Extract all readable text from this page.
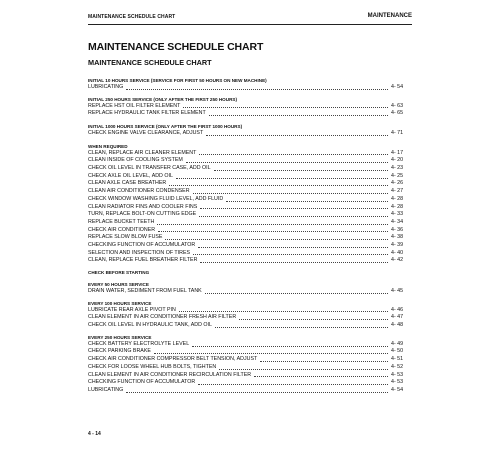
MAINTENANCE SCHEDULE CHART	MAINTENANCE
MAINTENANCE SCHEDULE CHART
MAINTENANCE SCHEDULE CHART
INITIAL 10 HOURS SERVICE (SERVICE FOR FIRST 50 HOURS ON NEW MACHINE)
LUBRICATING	4- 54
INITIAL 250 HOURS SERVICE (ONLY AFTER THE FIRST 250 HOURS)
REPLACE HST OIL FILTER ELEMENT	4- 63
REPLACE HYDRAULIC TANK FILTER ELEMENT	4- 65
INITIAL 1000 HOURS SERVICE (ONLY AFTER THE FIRST 1000 HOURS)
CHECK ENGINE VALVE CLEARANCE, ADJUST	4- 71
WHEN REQUIRED
CLEAN, REPLACE AIR CLEANER ELEMENT	4- 17
CLEAN INSIDE OF COOLING SYSTEM	4- 20
CHECK OIL LEVEL IN TRANSFER CASE, ADD OIL	4- 23
CHECK AXLE OIL LEVEL, ADD OIL	4- 25
CLEAN AXLE CASE BREATHER	4- 26
CLEAN AIR CONDITIONER CONDENSER	4- 27
CHECK WINDOW WASHING FLUID LEVEL, ADD FLUID	4- 28
CLEAN RADIATOR FINS AND COOLER FINS	4- 28
TURN, REPLACE BOLT-ON CUTTING EDGE	4- 33
REPLACE BUCKET TEETH	4- 34
CHECK AIR CONDITIONER	4- 36
REPLACE SLOW BLOW FUSE	4- 38
CHECKING FUNCTION OF ACCUMULATOR	4- 39
SELECTION AND INSPECTION OF TIRES	4- 40
CLEAN, REPLACE FUEL BREATHER FILTER	4- 42
CHECK BEFORE STARTING
EVERY 50 HOURS SERVICE
DRAIN WATER, SEDIMENT FROM FUEL TANK	4- 45
EVERY 100 HOURS SERVICE
LUBRICATE REAR AXLE PIVOT PIN	4- 46
CLEAN ELEMENT IN AIR CONDITIONER FRESH AIR FILTER	4- 47
CHECK OIL LEVEL IN HYDRAULIC TANK, ADD OIL	4- 48
EVERY 250 HOURS SERVICE
CHECK BATTERY ELECTROLYTE LEVEL	4- 49
CHECK PARKING BRAKE	4- 50
CHECK AIR CONDITIONER COMPRESSOR BELT TENSION, ADJUST	4- 51
CHECK FOR LOOSE WHEEL HUB BOLTS, TIGHTEN	4- 52
CLEAN ELEMENT IN AIR CONDITIONER RECIRCULATION FILTER	4- 53
CHECKING FUNCTION OF ACCUMULATOR	4- 53
LUBRICATING	4- 54
4 - 14
